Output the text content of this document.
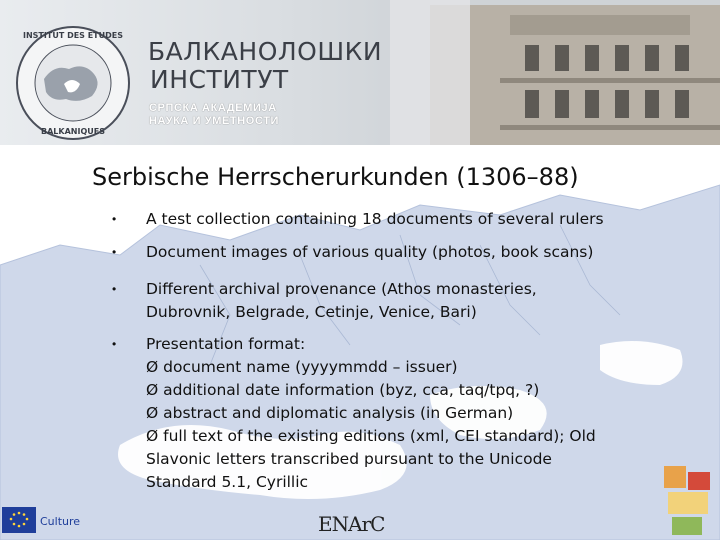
INSTITUT DES ETUDES
BALKANIQUES
БАЛКАНОЛОШКИ
ИНСТИТУТ
СРПСКА АКАДЕМИЈА
НАУКА И УМЕТНОСТИ
Serbische Herrscherurkunden (1306–88)
• A test collection containing 18 documents of several rulers
• Document images of various quality (photos, book scans)
• Different archival provenance (Athos monasteries,
Dubrovnik, Belgrade, Cetinje, Venice, Bari)
• Presentation format:
Ø document name (yyyymmdd – issuer)
Ø additional date information (byz, cca, taq/tpq, ?)
Ø abstract and diplomatic analysis (in German)
Ø full text of the existing editions (xml, CEI standard); Old
Slavonic letters transcribed pursuant to the Unicode
Standard 5.1, Cyrillic
Culture	ENArC
